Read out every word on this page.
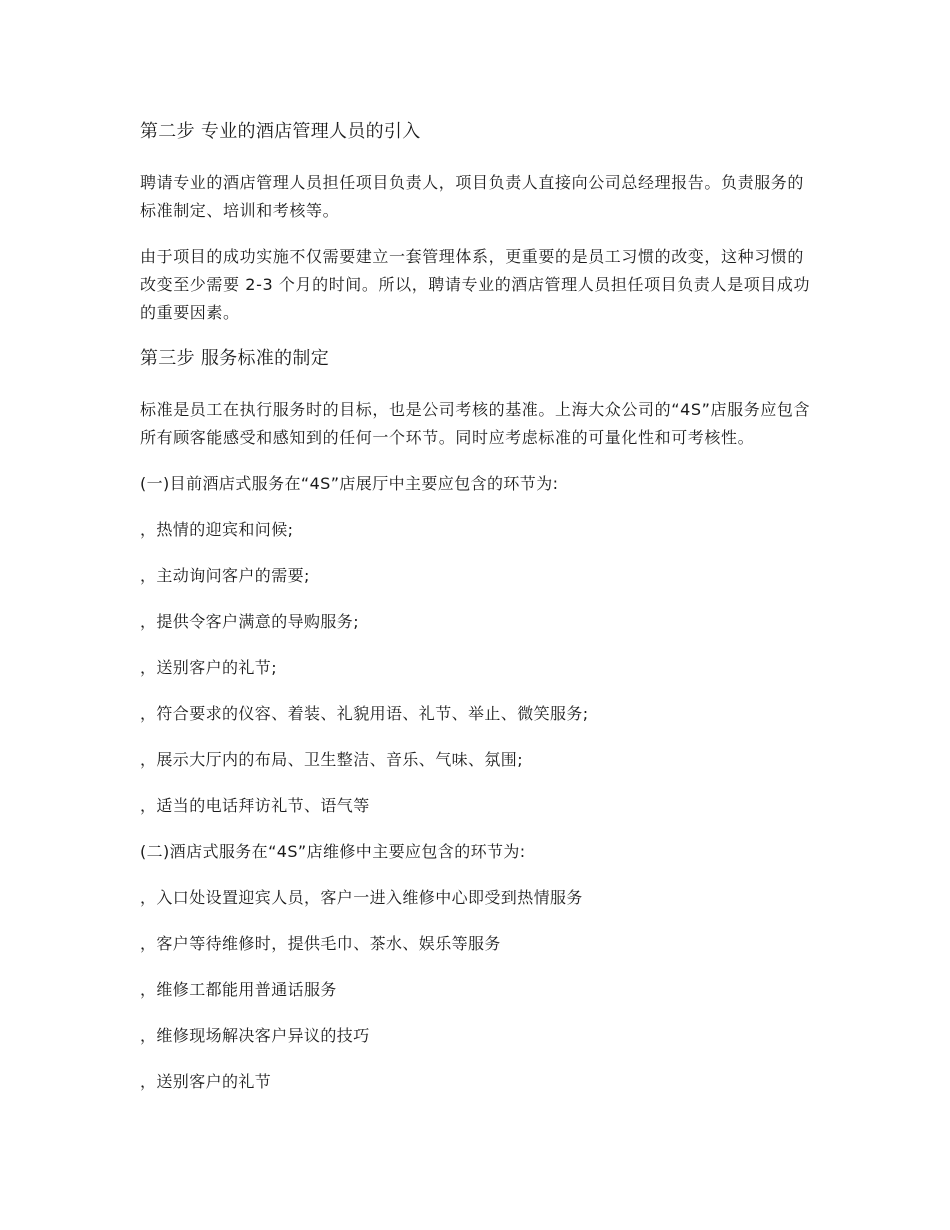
第二步 专业的酒店管理人员的引入
聘请专业的酒店管理人员担任项目负责人，项目负责人直接向公司总经理报告。负责服务的标准制定、培训和考核等。
由于项目的成功实施不仅需要建立一套管理体系，更重要的是员工习惯的改变，这种习惯的改变至少需要 2-3 个月的时间。所以，聘请专业的酒店管理人员担任项目负责人是项目成功的重要因素。
第三步 服务标准的制定
标准是员工在执行服务时的目标，也是公司考核的基准。上海大众公司的“4S”店服务应包含所有顾客能感受和感知到的任何一个环节。同时应考虑标准的可量化性和可考核性。
(一)目前酒店式服务在“4S”店展厅中主要应包含的环节为:
，热情的迎宾和问候;
，主动询问客户的需要;
，提供令客户满意的导购服务;
，送别客户的礼节;
，符合要求的仪容、着装、礼貌用语、礼节、举止、微笑服务;
，展示大厅内的布局、卫生整洁、音乐、气味、氛围;
，适当的电话拜访礼节、语气等
(二)酒店式服务在“4S”店维修中主要应包含的环节为:
，入口处设置迎宾人员，客户一进入维修中心即受到热情服务
，客户等待维修时，提供毛巾、茶水、娱乐等服务
，维修工都能用普通话服务
，维修现场解决客户异议的技巧
，送别客户的礼节
